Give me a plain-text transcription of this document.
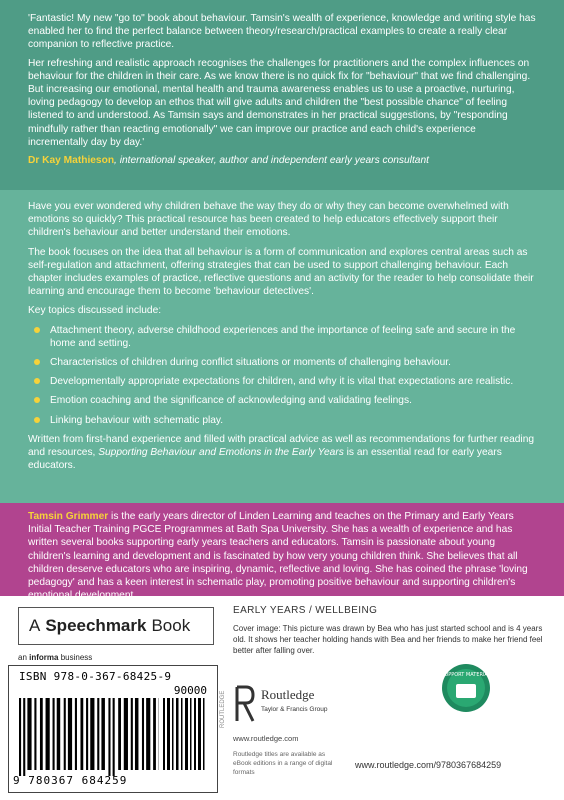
'Fantastic! My new "go to" book about behaviour. Tamsin's wealth of experience, knowledge and writing style has enabled her to find the perfect balance between theory/research/practical examples to create a really clear companion to reflective practice.

Her refreshing and realistic approach recognises the challenges for practitioners and the complex influences on behaviour for the children in their care. As we know there is no quick fix for "behaviour" that we find challenging. But increasing our emotional, mental health and trauma awareness enables us to use a proactive, nurturing, loving pedagogy to develop an ethos that will give adults and children the "best possible chance" of feeling listened to and understood. As Tamsin says and demonstrates in her practical suggestions, by "responding mindfully rather than reacting emotionally" we can improve our practice and each child's experience incrementally day by day.'

Dr Kay Mathieson, international speaker, author and independent early years consultant

Have you ever wondered why children behave the way they do or why they can become overwhelmed with emotions so quickly? This practical resource has been created to help educators effectively support their children's behaviour and better understand their emotions.

The book focuses on the idea that all behaviour is a form of communication and explores central areas such as self-regulation and attachment, offering strategies that can be used to support challenging behaviour. Each chapter includes examples of practice, reflective questions and an activity for the reader to help consolidate their learning and encourage them to become 'behaviour detectives'.

Key topics discussed include:

Attachment theory, adverse childhood experiences and the importance of feeling safe and secure in the home and setting.
Characteristics of children during conflict situations or moments of challenging behaviour.
Developmentally appropriate expectations for children, and why it is vital that expectations are realistic.
Emotion coaching and the significance of acknowledging and validating feelings.
Linking behaviour with schematic play.

Written from first-hand experience and filled with practical advice as well as recommendations for further reading and resources, Supporting Behaviour and Emotions in the Early Years is an essential read for early years educators.

Tamsin Grimmer is the early years director of Linden Learning and teaches on the Primary and Early Years Initial Teacher Training PGCE Programmes at Bath Spa University. She has a wealth of experience and has written several books supporting early years teachers and educators. Tamsin is passionate about young children's learning and development and is fascinated by how very young children think. She believes that all children deserve educators who are inspiring, dynamic, reflective and loving. She has coined the phrase 'loving pedagogy' and has a keen interest in schematic play, promoting positive behaviour and supporting children's

A Speechmark Book
an informa business
ISBN 978-0-367-68425-9
90000
9 780367 684259
EARLY YEARS / WELLBEING
Cover image: This picture was drawn by Bea who has just started school and is 4 years old. It shows her teacher holding hands with Bea and her friends to make her friend feel better after falling over.
ROUTLEDGE	Routledge
Taylor & Francis Group
www.routledge.com
Routledge titles are available as eBook editions in a range of digital formats
SUPPORT MATERIAL
www.routledge.com/9780367684259
